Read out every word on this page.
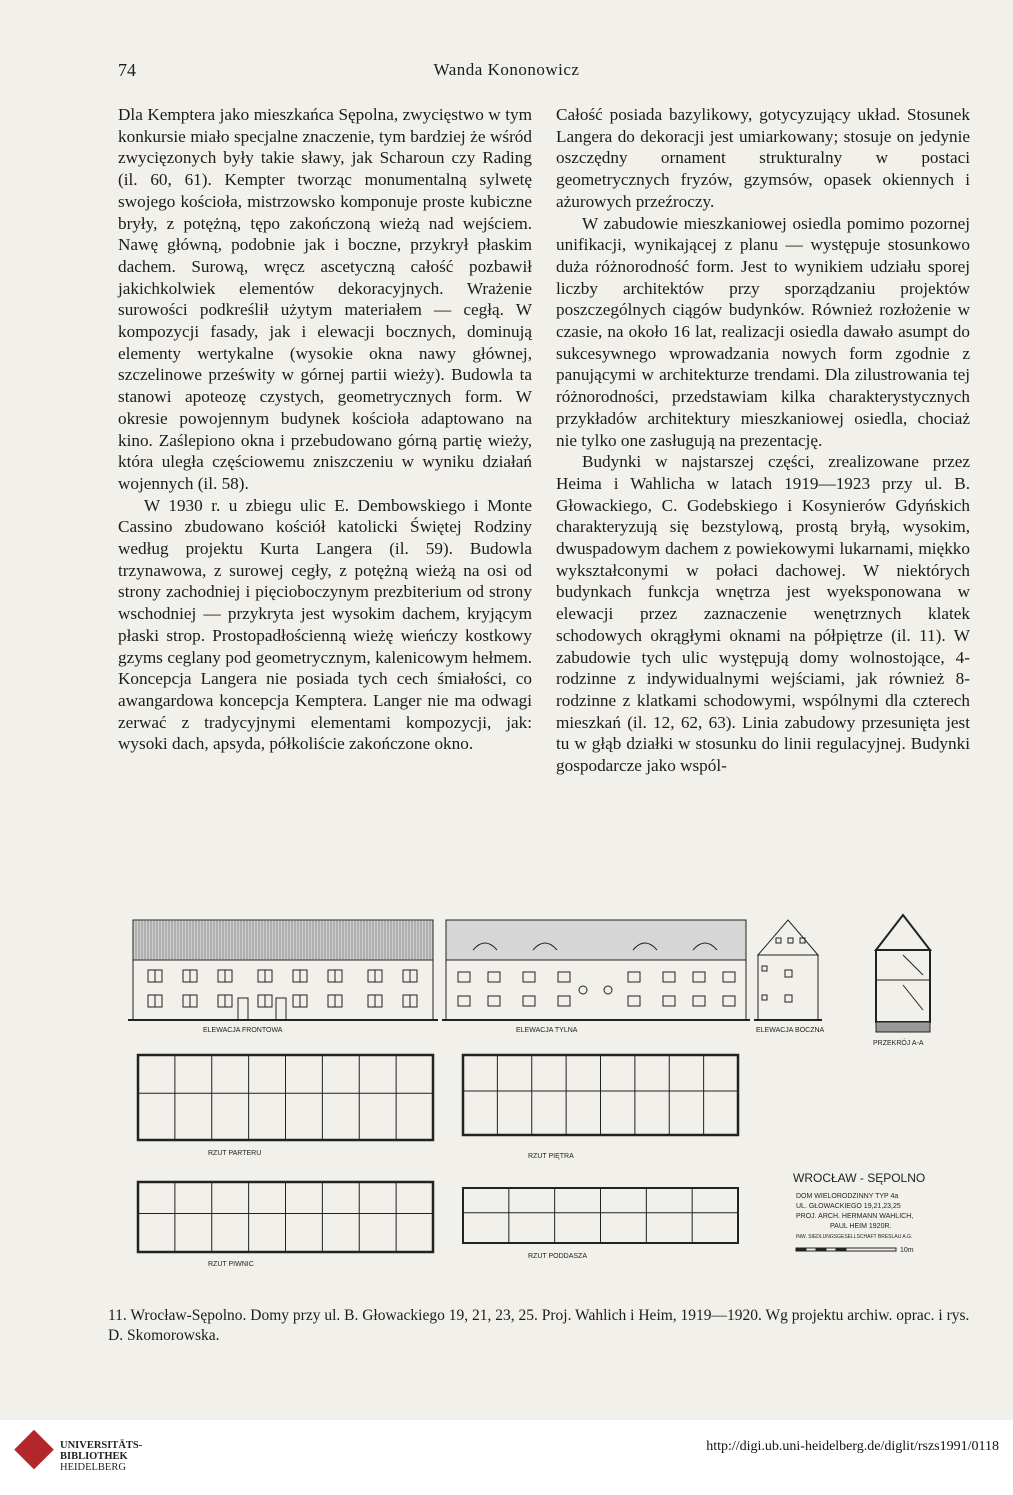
74	Wanda Kononowicz

Dla Kemptera jako mieszkańca Sępolna, zwycięstwo w tym konkursie miało specjalne znaczenie, tym bardziej że wśród zwycięzonych były takie sławy, jak Scharoun czy Rading (il. 60, 61). Kempter tworząc monumentalną sylwetę swojego kościoła, mistrzowsko komponuje proste kubiczne bryły, z potężną, tępo zakończoną wieżą nad wejściem. Nawę główną, podobnie jak i boczne, przykrył płaskim dachem. Surową, wręcz ascetyczną całość pozbawił jakichkolwiek elementów dekoracyjnych. Wrażenie surowości podkreślił użytym materiałem — cegłą. W kompozycji fasady, jak i elewacji bocznych, dominują elementy wertykalne (wysokie okna nawy głównej, szczelinowe prześwity w górnej partii wieży). Budowla ta stanowi apoteozę czystych, geometrycznych form. W okresie powojennym budynek kościoła adaptowano na kino. Zaślepiono okna i przebudowano górną partię wieży, która uległa częściowemu zniszczeniu w wyniku działań wojennych (il. 58).

W 1930 r. u zbiegu ulic E. Dembowskiego i Monte Cassino zbudowano kościół katolicki Świętej Rodziny według projektu Kurta Langera (il. 59). Budowla trzynawowa, z surowej cegły, z potężną wieżą na osi od strony zachodniej i pięcioboczynym prezbiterium od strony wschodniej — przykryta jest wysokim dachem, kryjącym płaski strop. Prostopadłościenną wieżę wieńczy kostkowy gzyms ceglany pod geometrycznym, kalenicowym hełmem. Koncepcja Langera nie posiada tych cech śmiałości, co awangardowa koncepcja Kemptera. Langer nie ma odwagi zerwać z tradycyjnymi elementami kompozycji, jak: wysoki dach, apsyda, półkoliście zakończone okno.

Całość posiada bazylikowy, gotycyzujący układ. Stosunek Langera do dekoracji jest umiarkowany; stosuje on jedynie oszczędny ornament strukturalny w postaci geometrycznych fryzów, gzymsów, opasek okiennych i ażurowych przeźroczy.

W zabudowie mieszkaniowej osiedla pomimo pozornej unifikacji, wynikającej z planu — występuje stosunkowo duża różnorodność form. Jest to wynikiem udziału sporej liczby architektów przy sporządzaniu projektów poszczególnych ciągów budynków. Również rozłożenie w czasie, na około 16 lat, realizacji osiedla dawało asumpt do sukcesywnego wprowadzania nowych form zgodnie z panującymi w architekturze trendami. Dla zilustrowania tej różnorodności, przedstawiam kilka charakterystycznych przykładów architektury mieszkaniowej osiedla, chociaż nie tylko one zasługują na prezentację.

Budynki w najstarszej części, zrealizowane przez Heima i Wahlicha w latach 1919—1923 przy ul. B. Głowackiego, C. Godebskiego i Kosynierów Gdyńskich charakteryzują się bezstylową, prostą bryłą, wysokim, dwuspadowym dachem z powiekowymi lukarnami, miękko wykształconymi w połaci dachowej. W niektórych budynkach funkcja wnętrza jest wyeksponowana w elewacji przez zaznaczenie wenętrznych klatek schodowych okrągłymi oknami na półpiętrze (il. 11). W zabudowie tych ulic występują domy wolnostojące, 4-rodzinne z indywidualnymi wejściami, jak również 8-rodzinne z klatkami schodowymi, wspólnymi dla czterech mieszkań (il. 12, 62, 63). Linia zabudowy przesunięta jest tu w głąb działki w stosunku do linii regulacyjnej. Budynki gospodarcze jako wspól-

ELEWACJA FRONTOWA	ELEWACJA TYLNA	ELEWACJA BOCZNA
PRZEKRÓJ A-A
RZUT PARTERU	RZUT PIĘTRA
RZUT PIWNIC
RZUT PODDASZA
WROCŁAW - SĘPOLNO
DOM WIELORODZINNY TYP 4a
UL. GŁOWACKIEGO 19,21,23,25
PROJ. ARCH. HERMANN WAHLICH,
PAUL HEIM 1920R.
INW. SIEDLUNGSGESELLSCHAFT BRESLAU A.G.
10m
11. Wrocław-Sępolno. Domy przy ul. B. Głowackiego 19, 21, 23, 25. Proj. Wahlich i Heim, 1919—1920. Wg projektu archiw. oprac. i rys. D. Skomorowska.
UNIVERSITÄTS-
BIBLIOTHEK
HEIDELBERG
http://digi.ub.uni-heidelberg.de/diglit/rszs1991/0118
